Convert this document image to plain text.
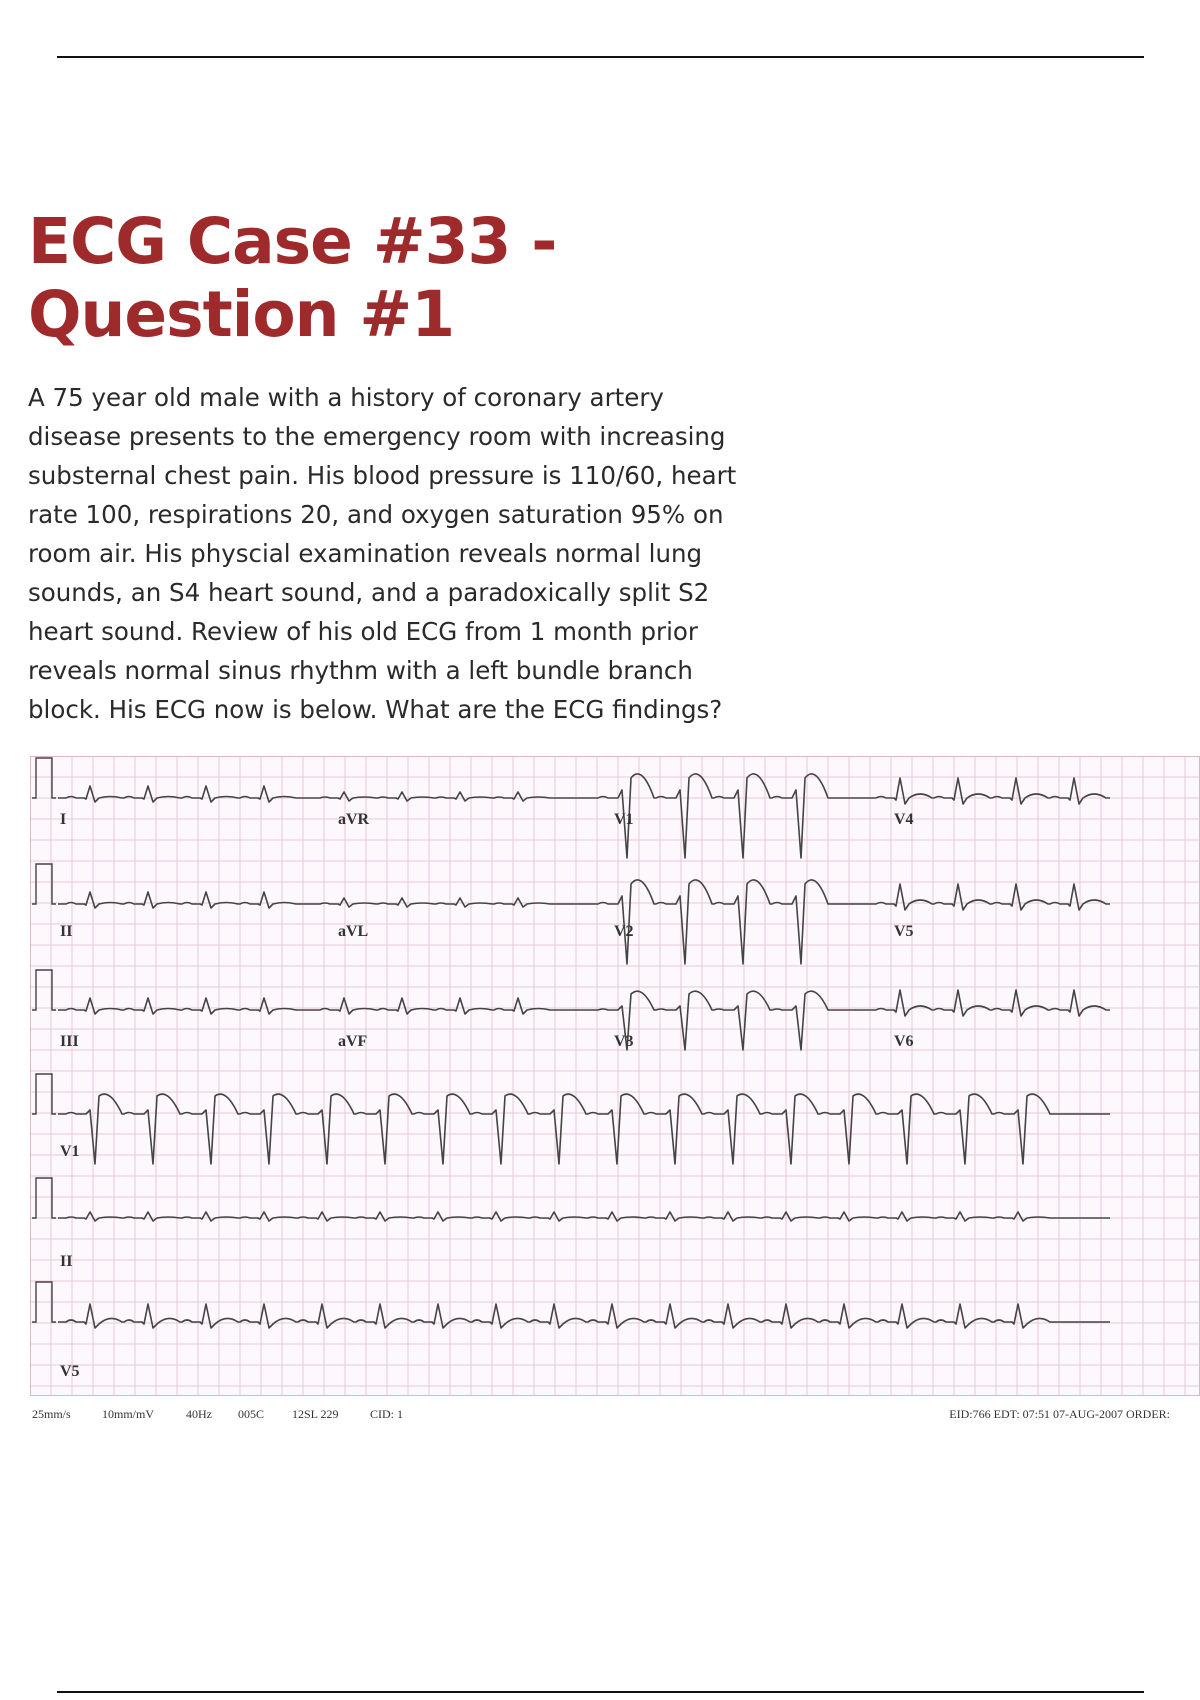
ECG Case #33 -
Question #1

A 75 year old male with a history of coronary artery
disease presents to the emergency room with increasing
substernal chest pain. His blood pressure is 110/60, heart
rate 100, respirations 20, and oxygen saturation 95% on
room air. His physcial examination reveals normal lung
sounds, an S4 heart sound, and a paradoxically split S2
heart sound. Review of his old ECG from 1 month prior
reveals normal sinus rhythm with a left bundle branch
block. His ECG now is below. What are the ECG findings?

I	aVR	V1	V4
II	aVL	V2	V5
III	aVF	V3	V6
V1
II
V5
25mm/s	10mm/mV	40Hz 005C 12SL 229	CID: 1	EID:766 EDT: 07:51 07-AUG-2007 ORDER:
